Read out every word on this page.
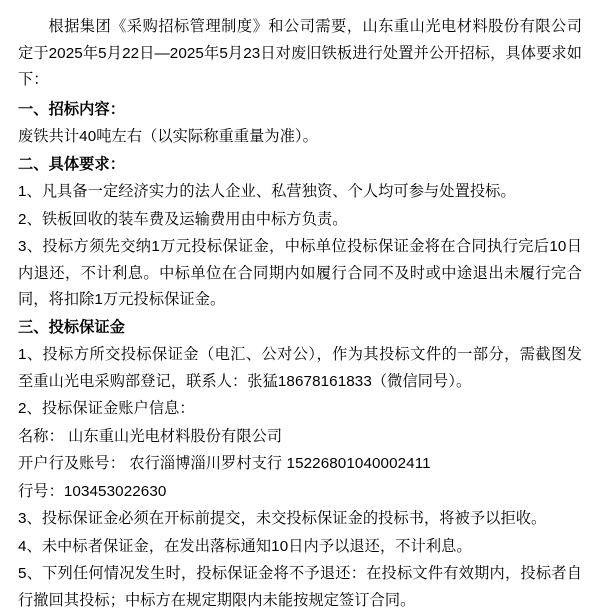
根据集团《采购招标管理制度》和公司需要，山东重山光电材料股份有限公司定于2025年5月22日—2025年5月23日对废旧铁板进行处置并公开招标，具体要求如下：

一、招标内容：

废铁共计40吨左右（以实际称重重量为准）。

二、具体要求：

1、凡具备一定经济实力的法人企业、私营独资、个人均可参与处置投标。

2、铁板回收的装车费及运输费用由中标方负责。

3、投标方须先交纳1万元投标保证金，中标单位投标保证金将在合同执行完后10日内退还，不计利息。中标单位在合同期内如履行合同不及时或中途退出未履行完合同，将扣除1万元投标保证金。

三、投标保证金

1、投标方所交投标保证金（电汇、公对公），作为其投标文件的一部分，需截图发至重山光电采购部登记，联系人：张猛18678161833（微信同号）。

2、投标保证金账户信息：

名称： 山东重山光电材料股份有限公司

开户行及账号： 农行淄博淄川罗村支行 15226801040002411

行号：103453022630

3、投标保证金必须在开标前提交，未交投标保证金的投标书，将被予以拒收。

4、未中标者保证金，在发出落标通知10日内予以退还，不计利息。

5、下列任何情况发生时，投标保证金将不予退还：在投标文件有效期内，投标者自行撤回其投标；中标方在规定期限内未能按规定签订合同。
